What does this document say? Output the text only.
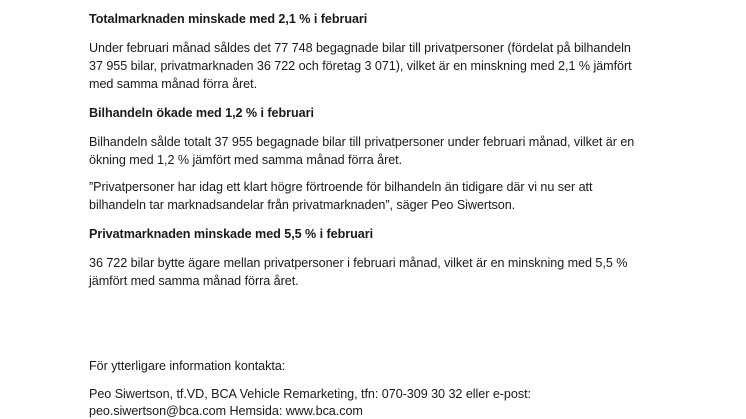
Totalmarknaden minskade med 2,1 % i februari
Under februari månad såldes det 77 748 begagnade bilar till privatpersoner (fördelat på bilhandeln
37 955 bilar, privatmarknaden 36 722 och företag 3 071), vilket är en minskning med 2,1 % jämfört
med samma månad förra året.
Bilhandeln ökade med 1,2 % i februari
Bilhandeln sålde totalt 37 955 begagnade bilar till privatpersoner under februari månad, vilket är en
ökning med 1,2 % jämfört med samma månad förra året.
”Privatpersoner har idag ett klart högre förtroende för bilhandeln än tidigare där vi nu ser att
bilhandeln tar marknadsandelar från privatmarknaden”, säger Peo Siwertson.
Privatmarknaden minskade med 5,5 % i februari
36 722 bilar bytte ägare mellan privatpersoner i februari månad, vilket är en minskning med 5,5 %
jämfört med samma månad förra året.
För ytterligare information kontakta:
Peo Siwertson, tf.VD, BCA Vehicle Remarketing, tfn: 070-309 30 32 eller e-post:
peo.siwertson@bca.com Hemsida: www.bca.com
